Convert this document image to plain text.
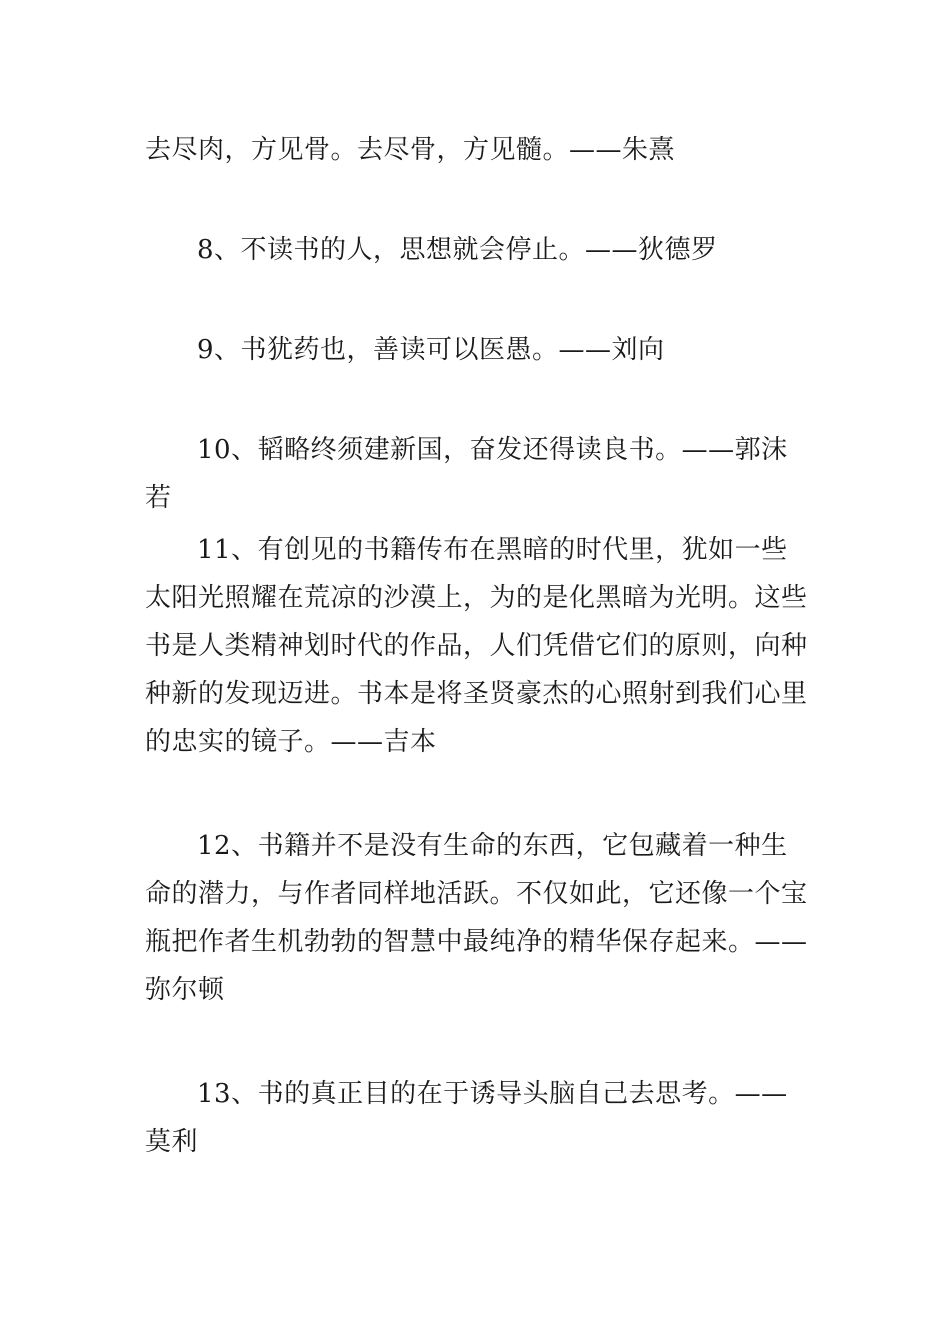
去尽肉，方见骨。去尽骨，方见髓。——朱熹

8、不读书的人，思想就会停止。——狄德罗

9、书犹药也，善读可以医愚。——刘向

10、韬略终须建新国，奋发还得读良书。——郭沫若

11、有创见的书籍传布在黑暗的时代里，犹如一些太阳光照耀在荒凉的沙漠上，为的是化黑暗为光明。这些书是人类精神划时代的作品，人们凭借它们的原则，向种种新的发现迈进。书本是将圣贤豪杰的心照射到我们心里的忠实的镜子。——吉本

12、书籍并不是没有生命的东西，它包藏着一种生命的潜力，与作者同样地活跃。不仅如此，它还像一个宝瓶把作者生机勃勃的智慧中最纯净的精华保存起来。——弥尔顿

13、书的真正目的在于诱导头脑自己去思考。——莫利
